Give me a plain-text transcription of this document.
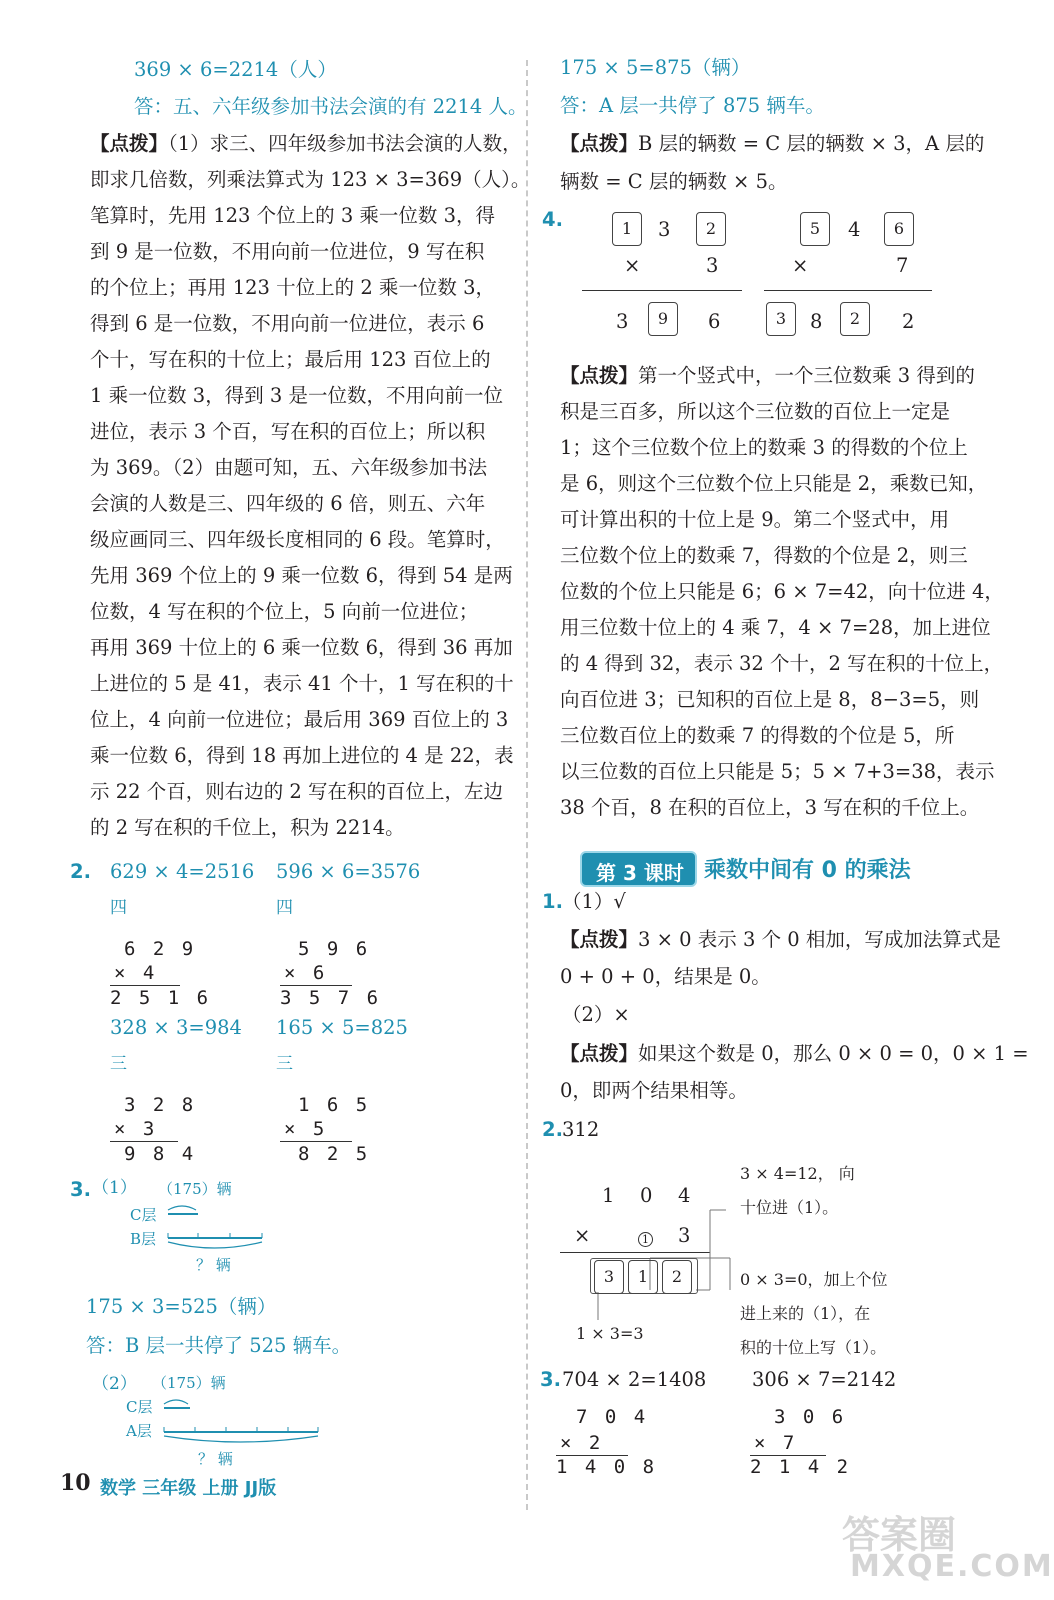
369 × 6=2214（人）
答：五、六年级参加书法会演的有 2214 人。
【点拨】（1）求三、四年级参加书法会演的人数，
即求几倍数，列乘法算式为 123 × 3=369（人）。
笔算时，先用 123 个位上的 3 乘一位数 3，得
到 9 是一位数，不用向前一位进位，9 写在积
的个位上；再用 123 十位上的 2 乘一位数 3，
得到 6 是一位数，不用向前一位进位，表示 6
个十，写在积的十位上；最后用 123 百位上的
1 乘一位数 3，得到 3 是一位数，不用向前一位
进位，表示 3 个百，写在积的百位上；所以积
为 369。（2）由题可知，五、六年级参加书法
会演的人数是三、四年级的 6 倍，则五、六年
级应画同三、四年级长度相同的 6 段。笔算时，
先用 369 个位上的 9 乘一位数 6，得到 54 是两
位数，4 写在积的个位上，5 向前一位进位；
再用 369 十位上的 6 乘一位数 6，得到 36 再加
上进位的 5 是 41，表示 41 个十，1 写在积的十
位上，4 向前一位进位；最后用 369 百位上的 3
乘一位数 6，得到 18 再加上进位的 4 是 22，表
示 22 个百，则右边的 2 写在积的百位上，左边
的 2 写在积的千位上，积为 2214。
2. 629 × 4=2516 596 × 6=3576
四	四
6 2 9
× 4
2 5 1 6
5 9 6
× 6
3 5 7 6
328 × 3=984 165 × 5=825
三	三
3 2 8
× 3
9 8 4
1 6 5
× 5
8 2 5
3. （1） （175）辆
C层
B层
？ 辆
175 × 3=525（辆）
答：B 层一共停了 525 辆车。
（2） （175）辆
C层
A层
？ 辆
175 × 5=875（辆）
答：A 层一共停了 875 辆车。
【点拨】B 层的辆数 = C 层的辆数 × 3，A 层的
辆数 = C 层的辆数 × 5。
4.	1	3	2
×	3
3	9	6
5	4	6
×	7
3	8	2	2
【点拨】第一个竖式中，一个三位数乘 3 得到的
积是三百多，所以这个三位数的百位上一定是
1；这个三位数个位上的数乘 3 的得数的个位上
是 6，则这个三位数个位上只能是 2，乘数已知，
可计算出积的十位上是 9。第二个竖式中，用
三位数个位上的数乘 7，得数的个位是 2，则三
位数的个位上只能是 6；6 × 7=42，向十位进 4，
用三位数十位上的 4 乘 7，4 × 7=28，加上进位
的 4 得到 32，表示 32 个十，2 写在积的十位上，
向百位进 3；已知积的百位上是 8，8−3=5，则
三位数百位上的数乘 7 的得数的个位是 5，所
以三位数的百位上只能是 5；5 × 7+3=38，表示
38 个百，8 在积的百位上，3 写在积的千位上。
第 3 课时 乘数中间有 0 的乘法
1. （1）√
【点拨】3 × 0 表示 3 个 0 相加，写成加法算式是
0 + 0 + 0，结果是 0。
（2）×
【点拨】如果这个数是 0，那么 0 × 0 = 0，0 × 1 =
0，即两个结果相等。
2. 312
1 0 4
×	1 3
3	1	2
1 × 3=3
3 × 4=12， 向
十位进（1）。
0 × 3=0，加上个位
进上来的（1），在
积的十位上写（1）。
3. 704 × 2=1408 306 × 7=2142
7 0 4
× 2
1 4 0 8
3 0 6
× 7
2 1 4 2
10 数学 三年级 上册 JJ版
答案圈
MXQE.COM
